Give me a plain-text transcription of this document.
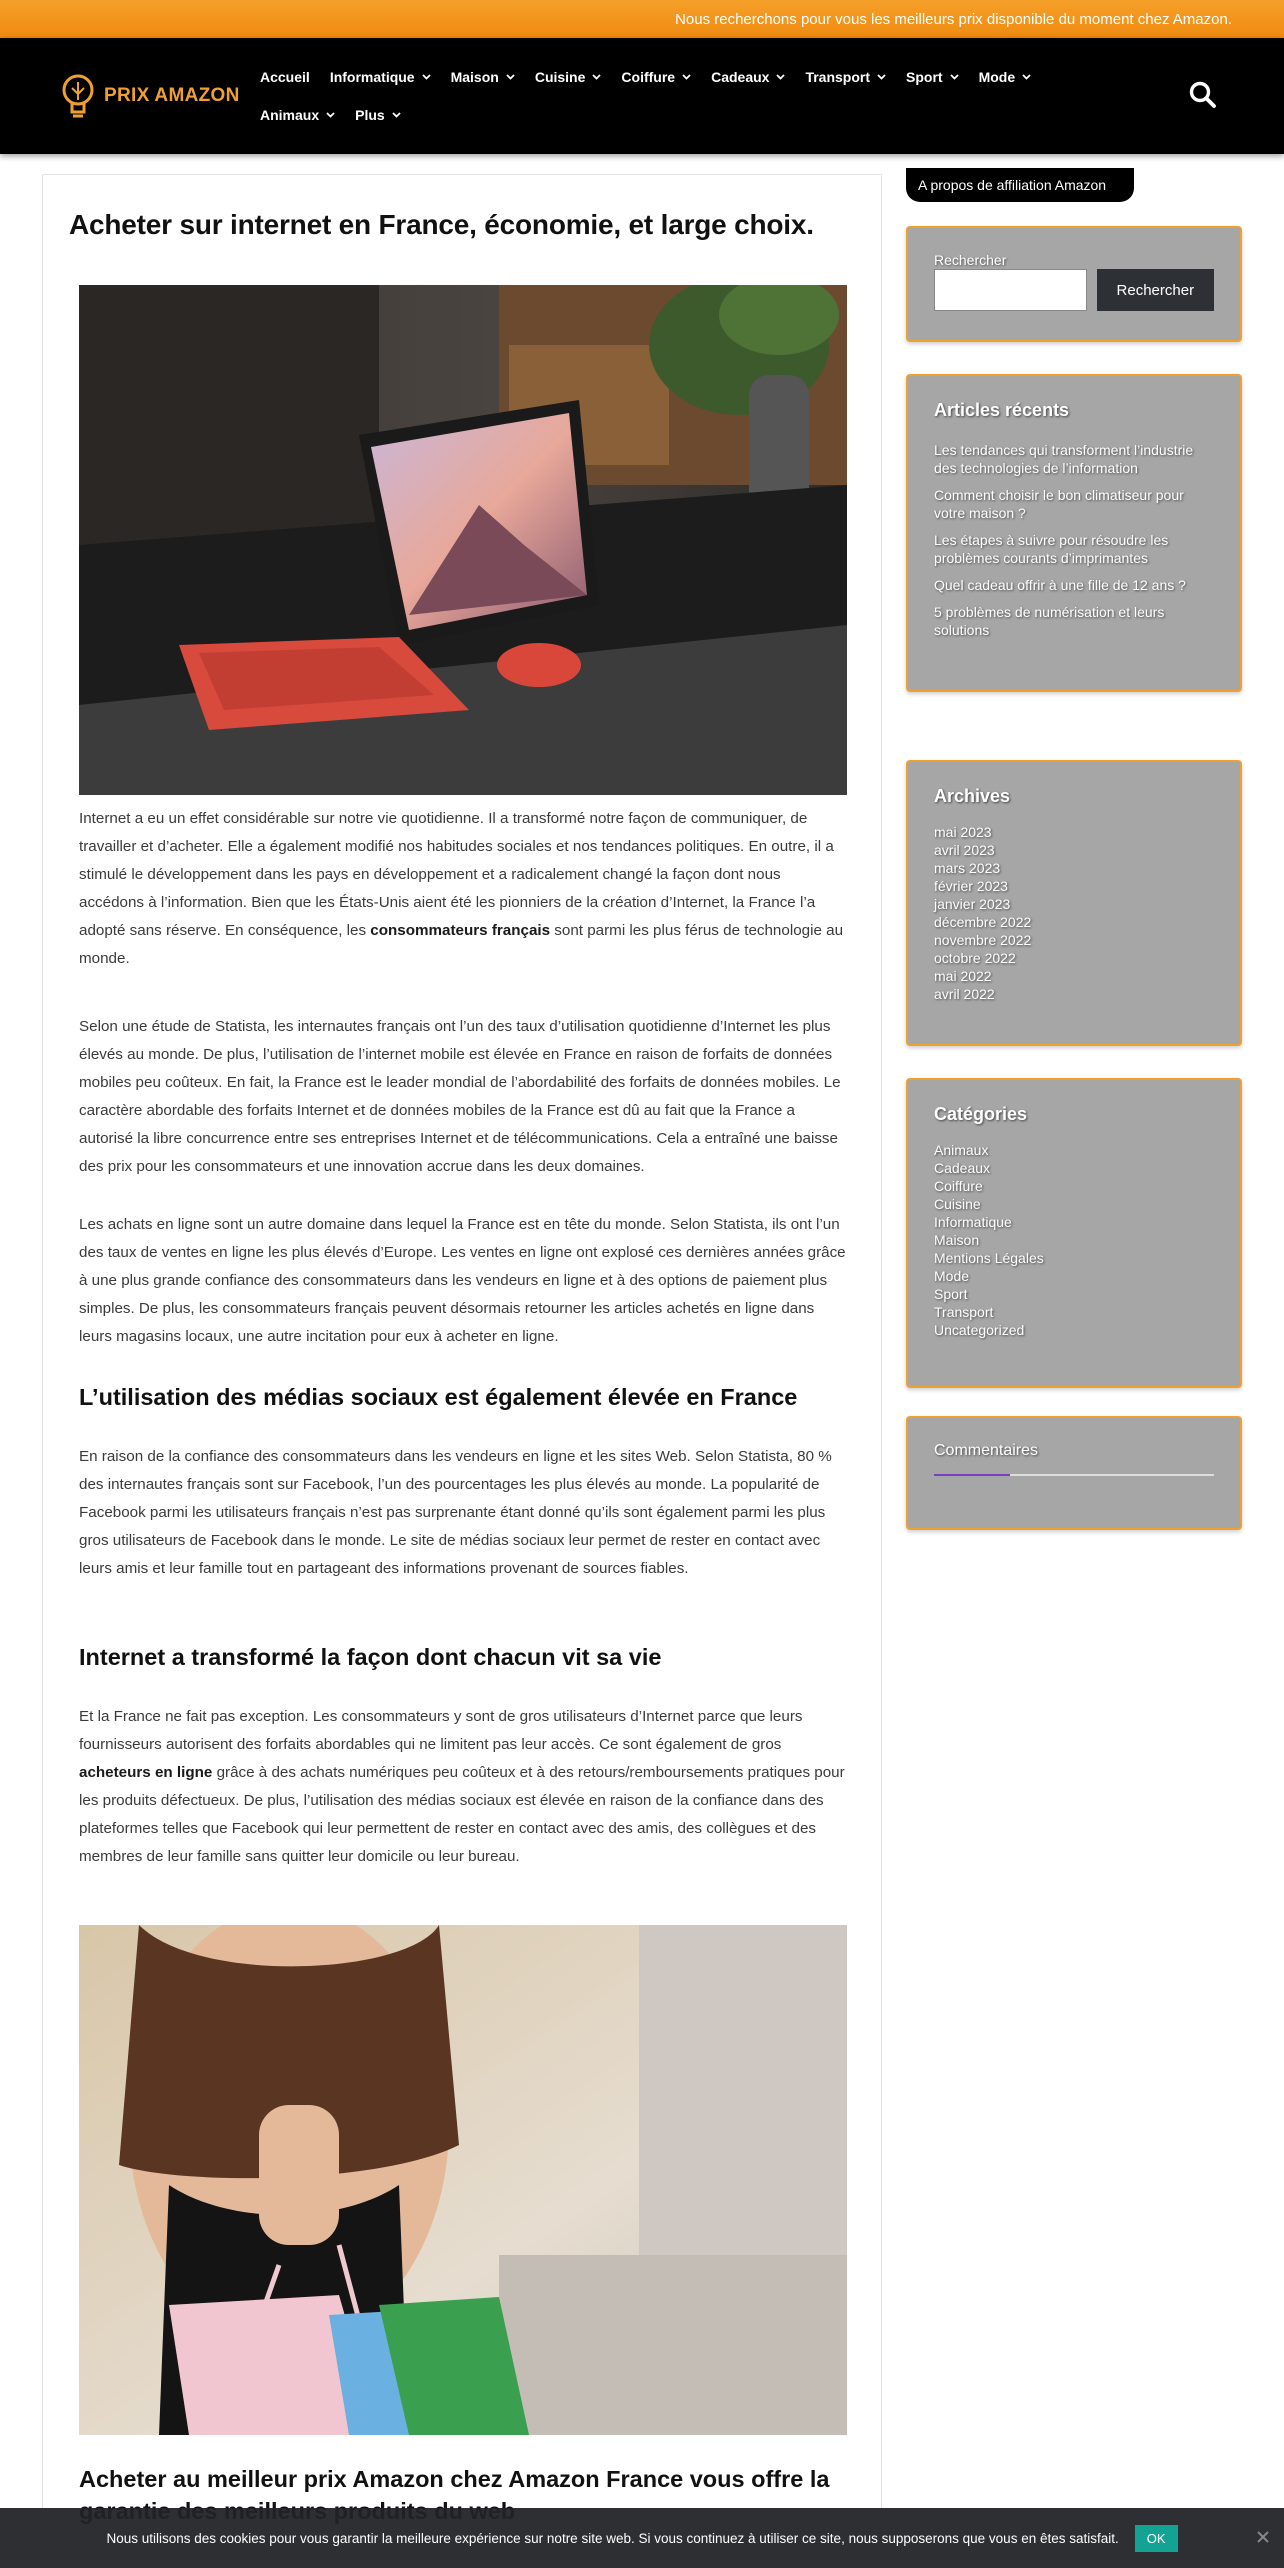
Nous recherchons pour vous les meilleurs prix disponible du moment chez Amazon.
PRIX AMAZON
Accueil Informatique	Maison	Cuisine	Coiffure	Cadeaux	Transport	Sport	Mode
Animaux	Plus
Acheter sur internet en France, économie, et large choix.

Internet a eu un effet considérable sur notre vie quotidienne. Il a transformé notre façon de communiquer, de travailler et d’acheter. Elle a également modifié nos habitudes sociales et nos tendances politiques. En outre, il a stimulé le développement dans les pays en développement et a radicalement changé la façon dont nous accédons à l’information. Bien que les États-Unis aient été les pionniers de la création d’Internet, la France l’a adopté sans réserve. En conséquence, les consommateurs français sont parmi les plus férus de technologie au monde.

Selon une étude de Statista, les internautes français ont l’un des taux d’utilisation quotidienne d’Internet les plus élevés au monde. De plus, l’utilisation de l’internet mobile est élevée en France en raison de forfaits de données mobiles peu coûteux. En fait, la France est le leader mondial de l’abordabilité des forfaits de données mobiles. Le caractère abordable des forfaits Internet et de données mobiles de la France est dû au fait que la France a autorisé la libre concurrence entre ses entreprises Internet et de télécommunications. Cela a entraîné une baisse des prix pour les consommateurs et une innovation accrue dans les deux domaines.

Les achats en ligne sont un autre domaine dans lequel la France est en tête du monde. Selon Statista, ils ont l’un des taux de ventes en ligne les plus élevés d’Europe. Les ventes en ligne ont explosé ces dernières années grâce à une plus grande confiance des consommateurs dans les vendeurs en ligne et à des options de paiement plus simples. De plus, les consommateurs français peuvent désormais retourner les articles achetés en ligne dans leurs magasins locaux, une autre incitation pour eux à acheter en ligne.

L’utilisation des médias sociaux est également élevée en France

En raison de la confiance des consommateurs dans les vendeurs en ligne et les sites Web. Selon Statista, 80 % des internautes français sont sur Facebook, l’un des pourcentages les plus élevés au monde. La popularité de Facebook parmi les utilisateurs français n’est pas surprenante étant donné qu’ils sont également parmi les plus gros utilisateurs de Facebook dans le monde. Le site de médias sociaux leur permet de rester en contact avec leurs amis et leur famille tout en partageant des informations provenant de sources fiables.

Internet a transformé la façon dont chacun vit sa vie

Et la France ne fait pas exception. Les consommateurs y sont de gros utilisateurs d’Internet parce que leurs fournisseurs autorisent des forfaits abordables qui ne limitent pas leur accès. Ce sont également de gros acheteurs en ligne grâce à des achats numériques peu coûteux et à des retours/remboursements pratiques pour les produits défectueux. De plus, l’utilisation des médias sociaux est élevée en raison de la confiance dans des plateformes telles que Facebook qui leur permettent de rester en contact avec des amis, des collègues et des membres de leur famille sans quitter leur domicile ou leur bureau.

Acheter au meilleur prix Amazon chez Amazon France vous offre la
A propos de affiliation Amazon
Rechercher
Rechercher
Articles récents
Les tendances qui transforment l’industrie des technologies de l’information
Comment choisir le bon climatiseur pour votre maison ?
Les étapes à suivre pour résoudre les problèmes courants d’imprimantes
Quel cadeau offrir à une fille de 12 ans ?
5 problèmes de numérisation et leurs solutions
Archives
mai 2023
avril 2023
mars 2023
février 2023
janvier 2023
décembre 2022
novembre 2022
octobre 2022
mai 2022
avril 2022
Catégories
Animaux
Cadeaux
Coiffure
Cuisine
Informatique
Maison
Mentions Légales
Mode
Sport
Transport
Uncategorized
Commentaires
Nous utilisons des cookies pour vous garantir la meilleure expérience sur notre site web. Si vous continuez à utiliser ce site, nous supposerons que vous en êtes satisfait.	OK
